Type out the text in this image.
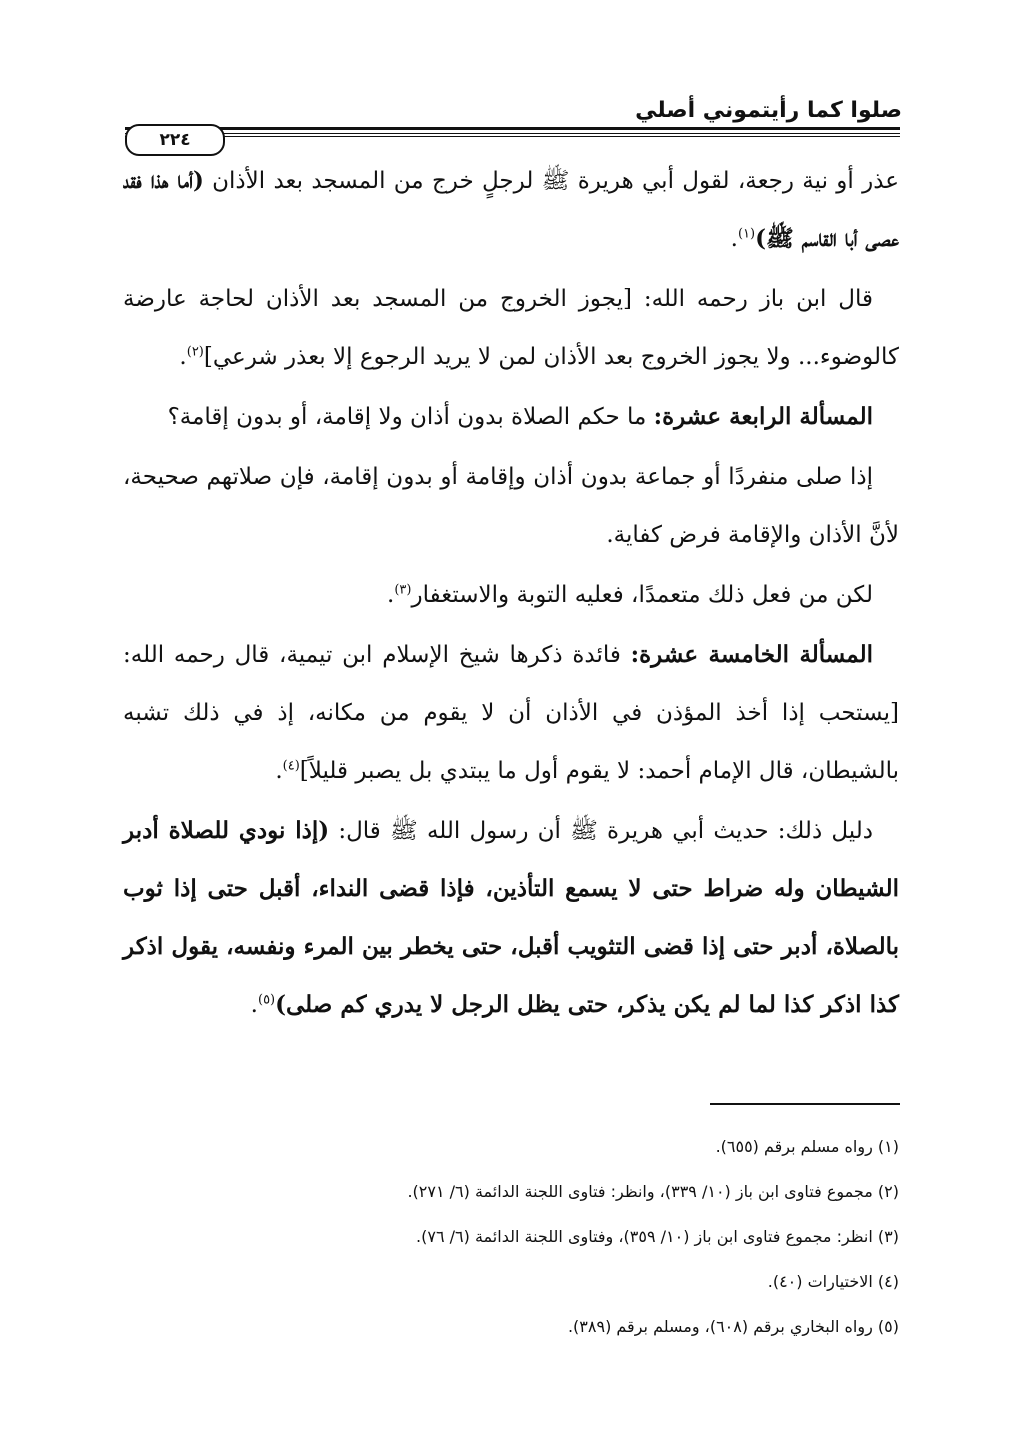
صلوا كما رأيتموني أصلي
٢٢٤

عذر أو نية رجعة، لقول أبي هريرة ﷺ لرجلٍ خرج من المسجد بعد الأذان (أما هذا فقد عصى أبا القاسم ﷺ)$^{(١)}$.

قال ابن باز رحمه الله: [يجوز الخروج من المسجد بعد الأذان لحاجة عارضة كالوضوء... ولا يجوز الخروج بعد الأذان لمن لا يريد الرجوع إلا بعذر شرعي]$^{(٢)}$.

المسألة الرابعة عشرة: ما حكم الصلاة بدون أذان ولا إقامة، أو بدون إقامة؟

إذا صلى منفردًا أو جماعة بدون أذان وإقامة أو بدون إقامة، فإن صلاتهم صحيحة، لأنَّ الأذان والإقامة فرض كفاية.

لكن من فعل ذلك متعمدًا، فعليه التوبة والاستغفار$^{(٣)}$.

المسألة الخامسة عشرة: فائدة ذكرها شيخ الإسلام ابن تيمية، قال رحمه الله: [يستحب إذا أخذ المؤذن في الأذان أن لا يقوم من مكانه، إذ في ذلك تشبه بالشيطان، قال الإمام أحمد: لا يقوم أول ما يبتدي بل يصبر قليلاً]$^{(٤)}$.

دليل ذلك: حديث أبي هريرة ﷺ أن رسول الله ﷺ قال: (إذا نودي للصلاة أدبر الشيطان وله ضراط حتى لا يسمع التأذين، فإذا قضى النداء، أقبل حتى إذا ثوب بالصلاة، أدبر حتى إذا قضى التثويب أقبل، حتى يخطر بين المرء ونفسه، يقول اذكر كذا اذكر كذا لما لم يكن يذكر، حتى يظل الرجل لا يدري كم صلى)$^{(٥)}$.

(١) رواه مسلم برقم (٦٥٥).

(٢) مجموع فتاوى ابن باز (١٠/ ٣٣٩)، وانظر: فتاوى اللجنة الدائمة (٦/ ٢٧١).

(٣) انظر: مجموع فتاوى ابن باز (١٠/ ٣٥٩)، وفتاوى اللجنة الدائمة (٦/ ٧٦).

(٤) الاختيارات (٤٠).

(٥) رواه البخاري برقم (٦٠٨)، ومسلم برقم (٣٨٩).
